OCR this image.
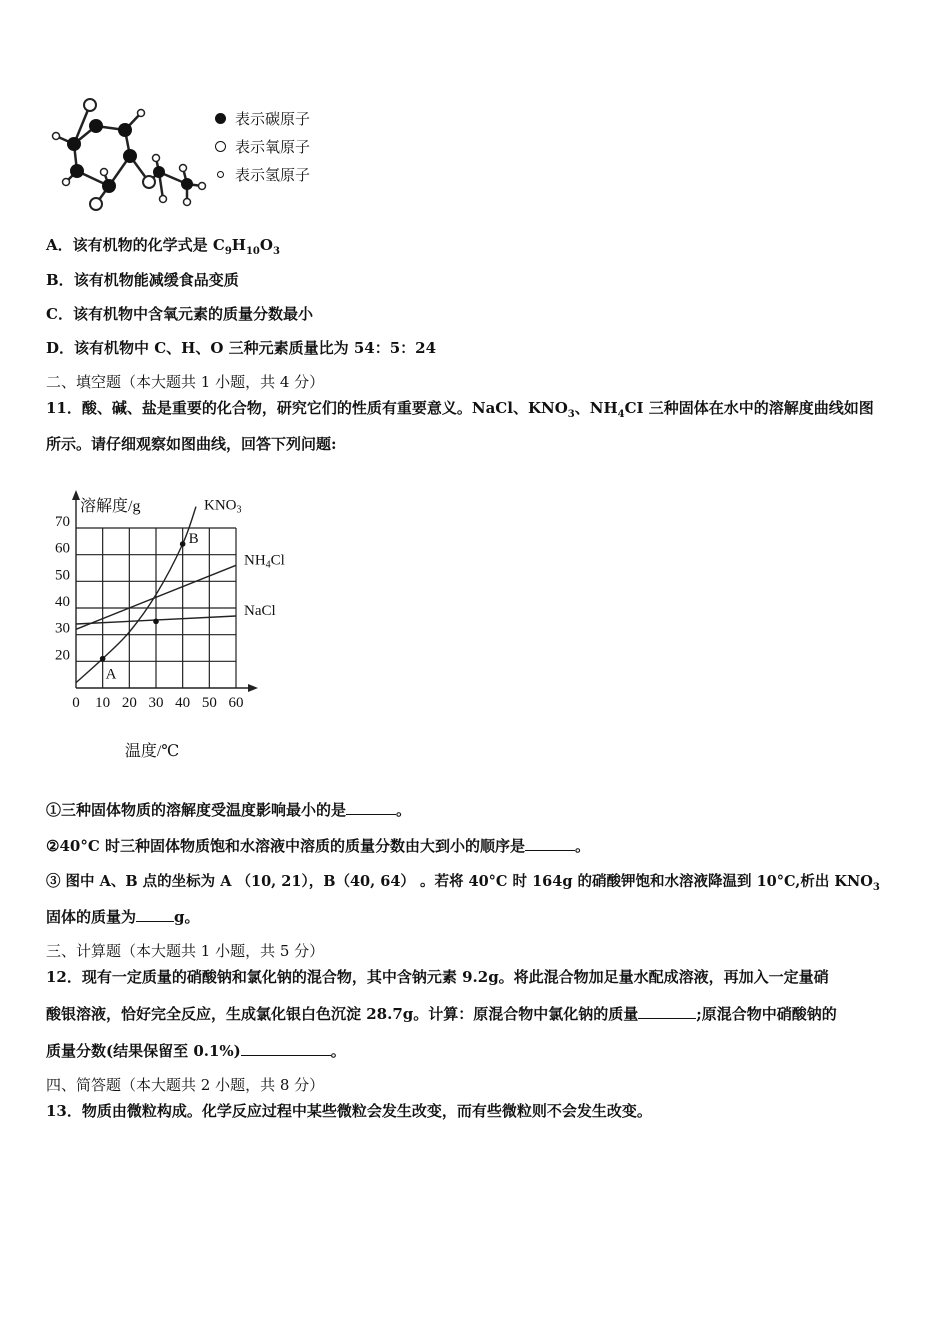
表示碳原子
表示氧原子
表示氢原子
A．该有机物的化学式是 $C_9H_{10}O_3$
B．该有机物能减缓食品变质
C．该有机物中含氧元素的质量分数最小
D．该有机物中 C、H、O 三种元素质量比为 54：5：24
二、填空题（本大题共 1 小题，共 4 分）
11．酸、碱、盐是重要的化合物，研究它们的性质有重要意义。NaCl、$KNO_3$、$NH_4CI$ 三种固体在水中的溶解度曲线如图
所示。请仔细观察如图曲线，回答下列问题:
0 10 20 30 40 50 60
20
30
40
50
60
70
溶解度/g
温度/℃
$KNO_3$
$NH_4Cl$
NaCl
A
B
①三种固体物质的溶解度受温度影响最小的是	。
②40°C 时三种固体物质饱和水溶液中溶质的质量分数由大到小的顺序是	。
③ 图中 A、B 点的坐标为 A （10, 21），B（40, 64） 。若将 40°C 时 164g 的硝酸钾饱和水溶液降温到 10°C,析出 $KNO_3$
固体的质量为	g。
三、计算题（本大题共 1 小题，共 5 分）
12．现有一定质量的硝酸钠和氯化钠的混合物，其中含钠元素 9.2g。将此混合物加足量水配成溶液，再加入一定量硝
酸银溶液，恰好完全反应，生成氯化银白色沉淀 28.7g。计算：原混合物中氯化钠的质量	;原混合物中硝酸钠的
质量分数(结果保留至 0.1%)	。
四、简答题（本大题共 2 小题，共 8 分）
13．物质由微粒构成。化学反应过程中某些微粒会发生改变，而有些微粒则不会发生改变。
